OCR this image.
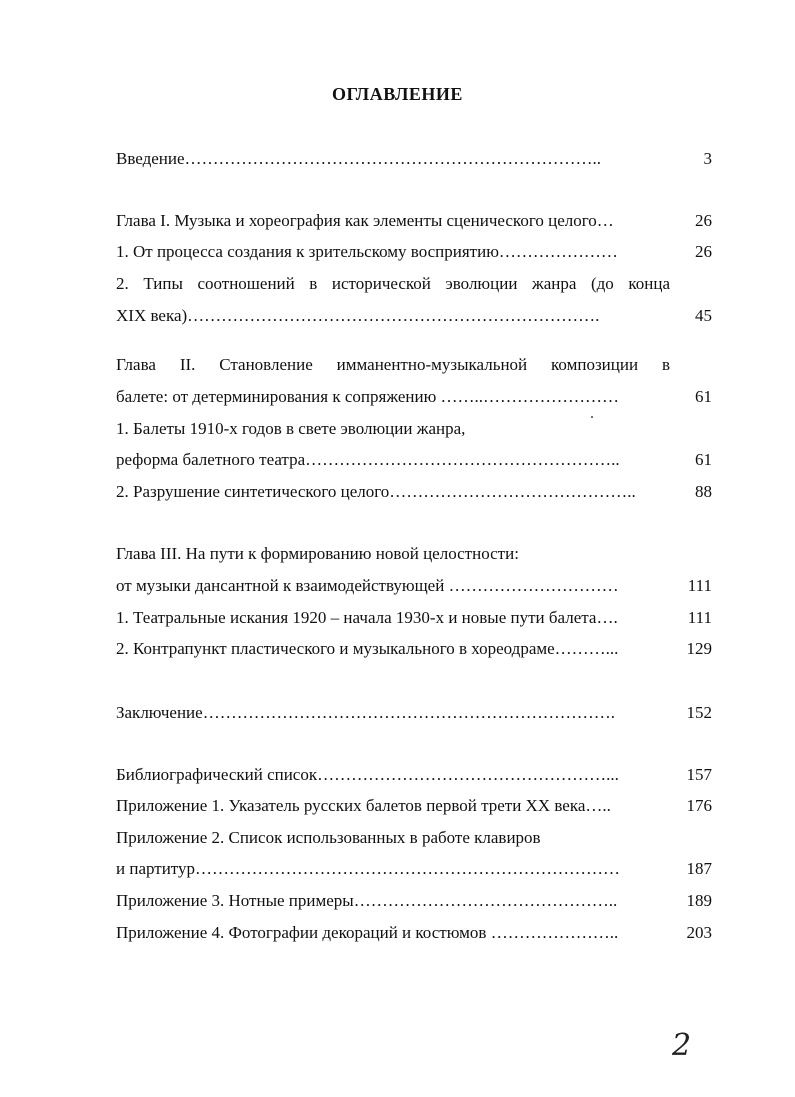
ОГЛАВЛЕНИЕ
Введение………………………………………………………………..	3
Глава I. Музыка и хореография как элементы сценического целого…	26
1. От процесса создания к зрительскому восприятию…………………	26
2. Типы соотношений в исторической эволюции жанра (до конца
XIX века)……………………………………………………………….	45
Глава II. Становление имманентно-музыкальной композиции в
балете: от детерминирования к сопряжению ……..……………………	61
1. Балеты 1910-х годов в свете эволюции жанра,
реформа балетного театра………………………………………………..	61
2. Разрушение синтетического целого……………………………………..	88
Глава III. На пути к формированию новой целостности:
от музыки дансантной к взаимодействующей …………………………	111
1. Театральные искания 1920 – начала 1930-х и новые пути балета….	111
2. Контрапункт пластического и музыкального в хореодраме………...	129
Заключение……………………………………………………………….	152
Библиографический список……………………………………………...	157
Приложение 1. Указатель русских балетов первой трети XX века…..	176
Приложение 2. Список использованных в работе клавиров
и партитур…………………………………………………………………	187
Приложение 3. Нотные примеры………………………………………..	189
Приложение 4. Фотографии декораций и костюмов …………………..	203
2
